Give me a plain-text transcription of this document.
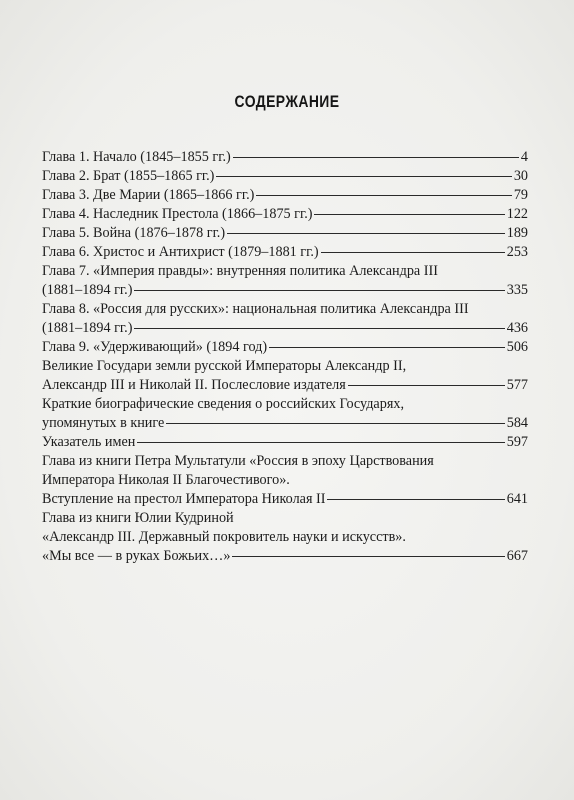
СОДЕРЖАНИЕ
Глава 1. Начало (1845–1855 гг.)	4
Глава 2. Брат (1855–1865 гг.)	30
Глава 3. Две Марии (1865–1866 гг.)	79
Глава 4. Наследник Престола (1866–1875 гг.)	122
Глава 5. Война (1876–1878 гг.)	189
Глава 6. Христос и Антихрист (1879–1881 гг.)	253
Глава 7. «Империя правды»: внутренняя политика Александра III
(1881–1894 гг.)	335
Глава 8. «Россия для русских»: национальная политика Александра III
(1881–1894 гг.)	436
Глава 9. «Удерживающий» (1894 год)	506
Великие Государи земли русской Императоры Александр II,
Александр III и Николай II. Послесловие издателя	577
Краткие биографические сведения о российских Государях,
упомянутых в книге	584
Указатель имен	597
Глава из книги Петра Мультатули «Россия в эпоху Царствования
Императора Николая II Благочестивого».
Вступление на престол Императора Николая II	641
Глава из книги Юлии Кудриной
«Александр III. Державный покровитель науки и искусств».
«Мы все — в руках Божьих…»	667
